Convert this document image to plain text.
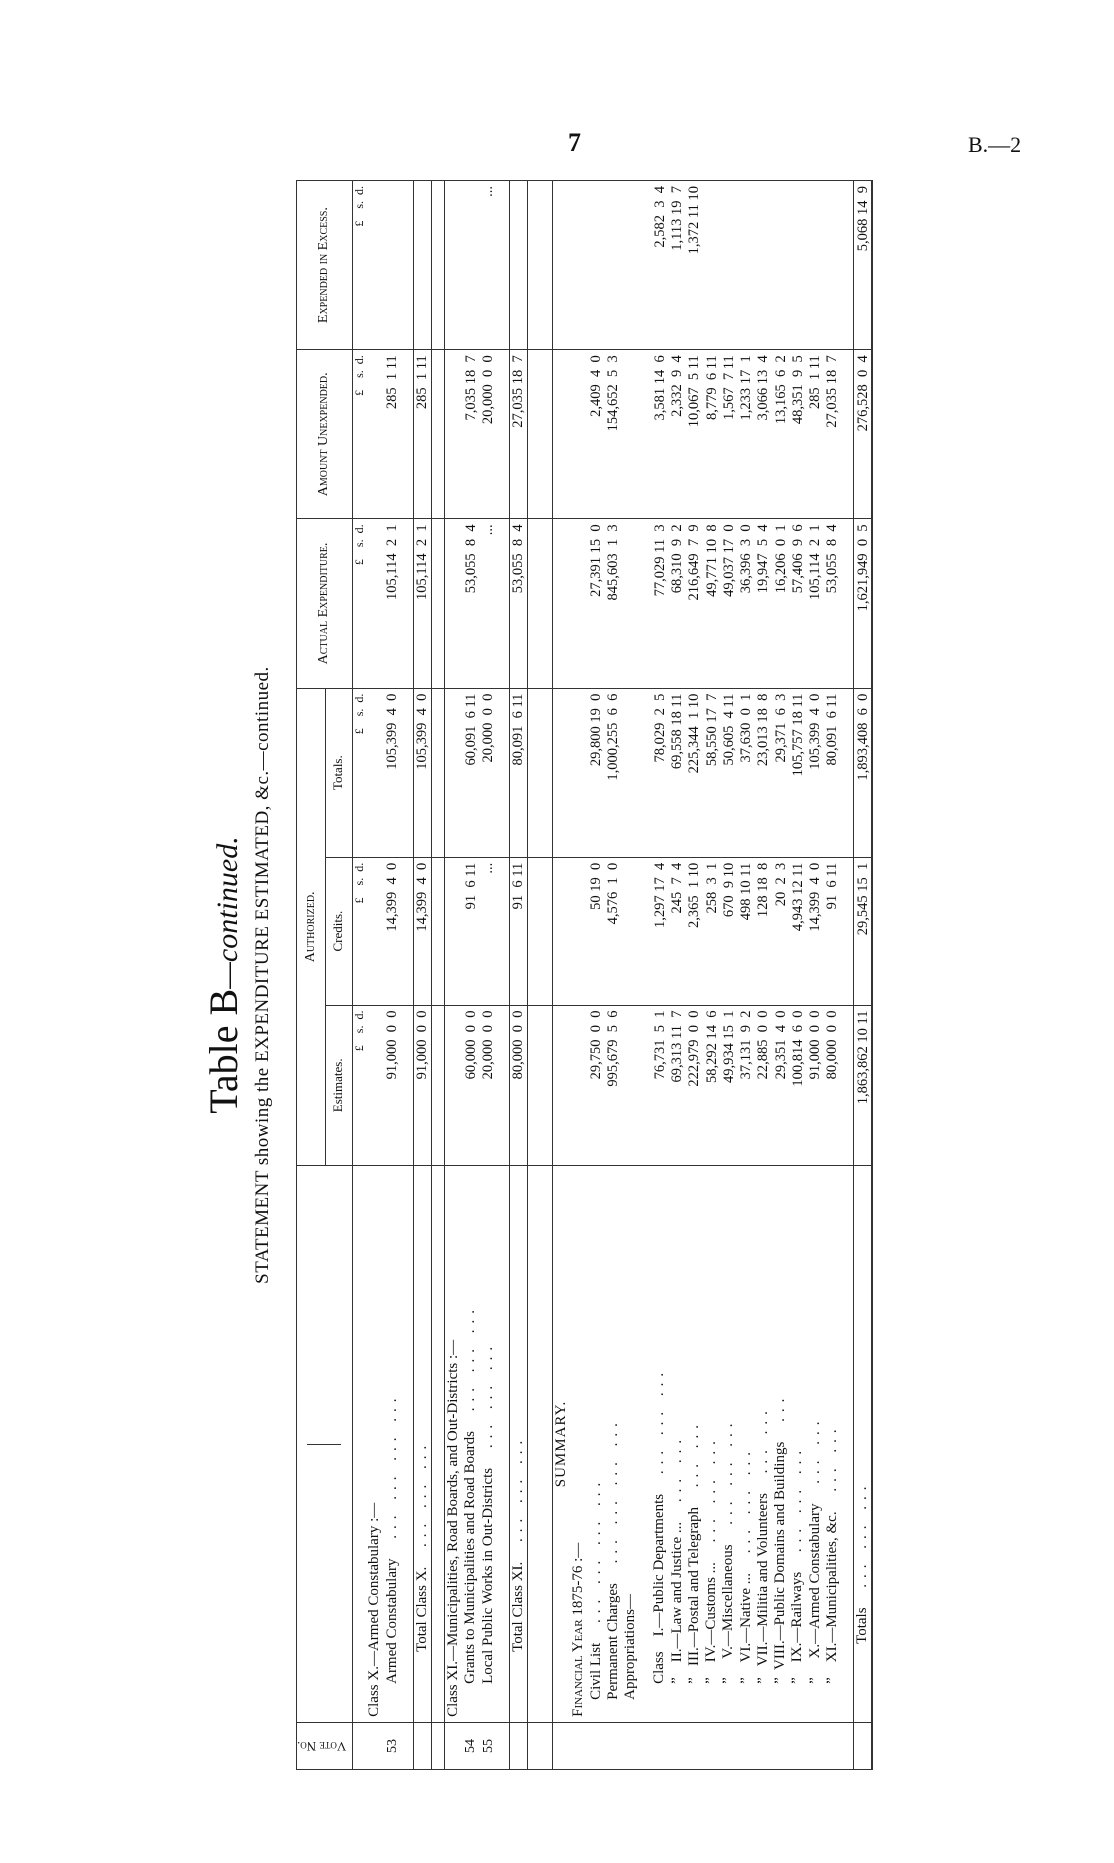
7	B.—2
Table B—continued. STATEMENT showing the EXPENDITURE ESTIMATED, &c.—continued.
Vote No.		Authorized.			Actual Expenditure.	Amount Unexpended.	Expended in Excess.
		Estimates.	Credits.	Totals.			
		£    s.  d.	£    s.  d.	£    s.  d.	£    s.  d.	£    s.  d.	£    s.  d.
	Class X.—Armed Constabulary :—						
53	Armed Constabulary ... ... ... ...	91,000  0  0	14,399  4  0	105,399  4  0	105,114  2  1	285  1 11	

	Total Class X. ... ... ...	91,000  0  0	14,399  4  0	105,399  4  0	105,114  2  1	285  1 11	

	Class XI.—Municipalities, Road Boards, and Out-Districts :—						
54	Grants to Municipalities and Road Boards ... ... ...	60,000  0  0	91  6 11	60,091  6 11	53,055  8  4	7,035 18  7	
55	Local Public Works in Out-Districts ... ... ...	20,000  0  0	...	20,000  0  0	...	20,000  0  0	...

	Total Class XI. ... ... ...	80,000  0  0	91  6 11	80,091  6 11	53,055  8  4	27,035 18  7	

	SUMMARY.						
	Financial Year 1875-76 :—						
	Civil List ... ... ... ...	29,750  0  0	50 19  0	29,800 19  0	27,391 15  0	2,409  4  0	
	Permanent Charges ... ... ... ...	995,679  5  6	4,576  1  0	1,000,255  6  6	845,603  1  3	154,652  5  3	
	Appropriations—						

	Class    I.—Public Departments ... ... ...	76,731  5  1	1,297 17  4	78,029  2  5	77,029 11  3	3,581 14  6	2,582  3  4
	”    II.—Law and Justice ... ... ...	69,313 11  7	245  7  4	69,558 18 11	68,310  9  2	2,332  9  4	1,113 19  7
	”   III.—Postal and Telegraph ... ...	222,979  0  0	2,365  1 10	225,344  1 10	216,649  7  9	10,067  5 11	1,372 11 10
	”    IV.—Customs ... ... ... ...	58,292 14  6	258  3  1	58,550 17  7	49,771 10  8	8,779  6 11	
	”     V.—Miscellaneous ... ... ...	49,934 15  1	670  9 10	50,605  4 11	49,037 17  0	1,567  7 11	
	”    VI.—Native ... ... ... ...	37,131  9  2	498 10 11	37,630  0  1	36,396  3  0	1,233 17  1	
	”   VII.—Militia and Volunteers ... ...	22,885  0  0	128 18  8	23,013 18  8	19,947  5  4	3,066 13  4	
	”  VIII.—Public Domains and Buildings ...	29,351  4  0	20  2  3	29,371  6  3	16,206  0  1	13,165  6  2	
	”    IX.—Railways ... ... ...	100,814  6  0	4,943 12 11	105,757 18 11	57,406  9  6	48,351  9  5	
	”     X.—Armed Constabulary ... ...	91,000  0  0	14,399  4  0	105,399  4  0	105,114  2  1	285  1 11	
	”    XI.—Municipalities, &c. ... ...	80,000  0  0	91  6 11	80,091  6 11	53,055  8  4	27,035 18  7	

	Totals ... ... ...	1,863,862 10 11	29,545 15  1	1,893,408  6  0	1,621,949  0  5	276,528  0  4	5,068 14  9
